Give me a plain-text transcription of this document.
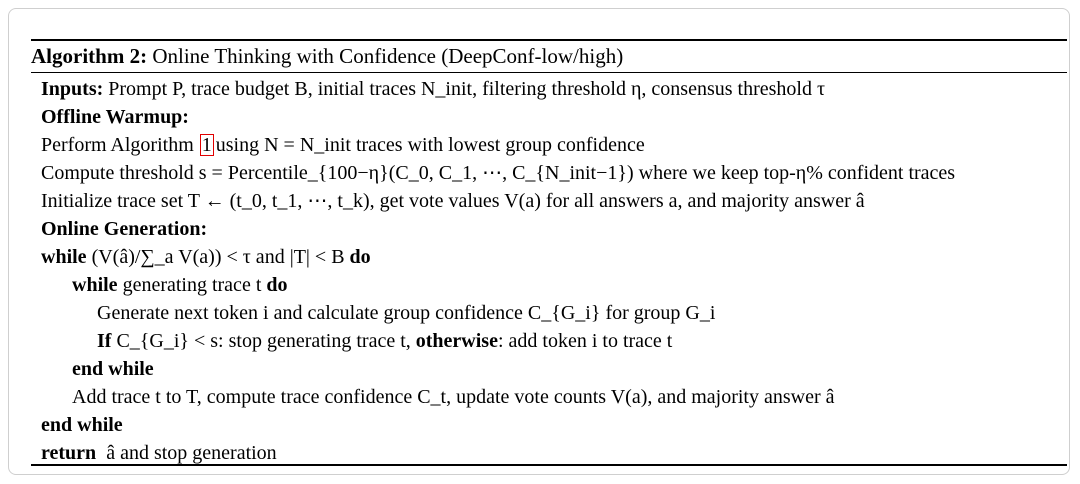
Algorithm 2: Online Thinking with Confidence (DeepConf-low/high)
Inputs: Prompt P, trace budget B, initial traces N_init, filtering threshold η, consensus threshold τ
Offline Warmup:
Perform Algorithm 1 using N = N_init traces with lowest group confidence
Compute threshold s = Percentile_{100−η}(C_0, C_1, ⋯, C_{N_init−1}) where we keep top-η% confident traces
Initialize trace set T ← (t_0, t_1, ⋯, t_k), get vote values V(a) for all answers a, and majority answer â
Online Generation:
while (V(â)/∑_a V(a)) < τ and |T| < B do
while generating trace t do
Generate next token i and calculate group confidence C_{G_i} for group G_i
If C_{G_i} < s: stop generating trace t, otherwise: add token i to trace t
end while
Add trace t to T, compute trace confidence C_t, update vote counts V(a), and majority answer â
end while
return â and stop generation
